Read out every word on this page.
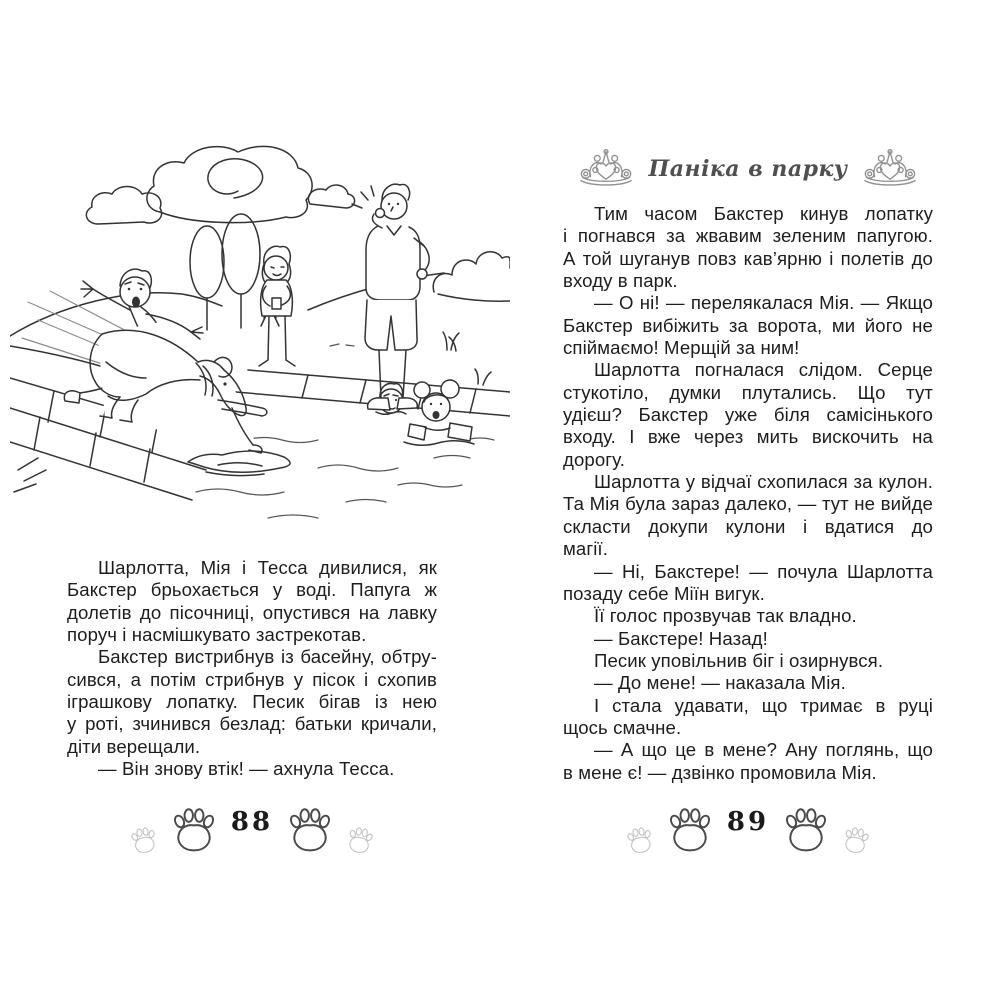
Шарлотта, Мія і Тесса дивилися, як
Бакстер брьохається у воді. Папуга ж
долетів до пісочниці, опустився на лавку
поруч і насмішкувато застрекотав.
Бакстер вистрибнув із басейну, обтру-
сився, а потім стрибнув у пісок і схопив
іграшкову лопатку. Песик бігав із нею
у роті, зчинився безлад: батьки кричали,
діти верещали.
— Він знову втік! — ахнула Тесса.
88
Паніка в парку
Тим часом Бакстер кинув лопатку
і погнався за жвавим зеленим папугою.
А той шуганув повз кав’ярню і полетів до
входу в парк.
— О ні! — перелякалася Мія. — Якщо
Бакстер вибіжить за ворота, ми його не
спіймаємо! Мерщій за ним!
Шарлотта погналася слідом. Серце
стукотіло, думки плутались. Що тут
удієш? Бакстер уже біля самісінького
входу. І вже через мить вискочить на
дорогу.
Шарлотта у відчаї схопилася за кулон.
Та Мія була зараз далеко, — тут не вийде
скласти докупи кулони і вдатися до
магії.
— Ні, Бакстере! — почула Шарлотта
позаду себе Міїн вигук.
Її голос прозвучав так владно.
— Бакстере! Назад!
Песик уповільнив біг і озирнувся.
— До мене! — наказала Мія.
І стала удавати, що тримає в руці
щось смачне.
— А що це в мене? Ану поглянь, що
в мене є! — дзвінко промовила Мія.
89
